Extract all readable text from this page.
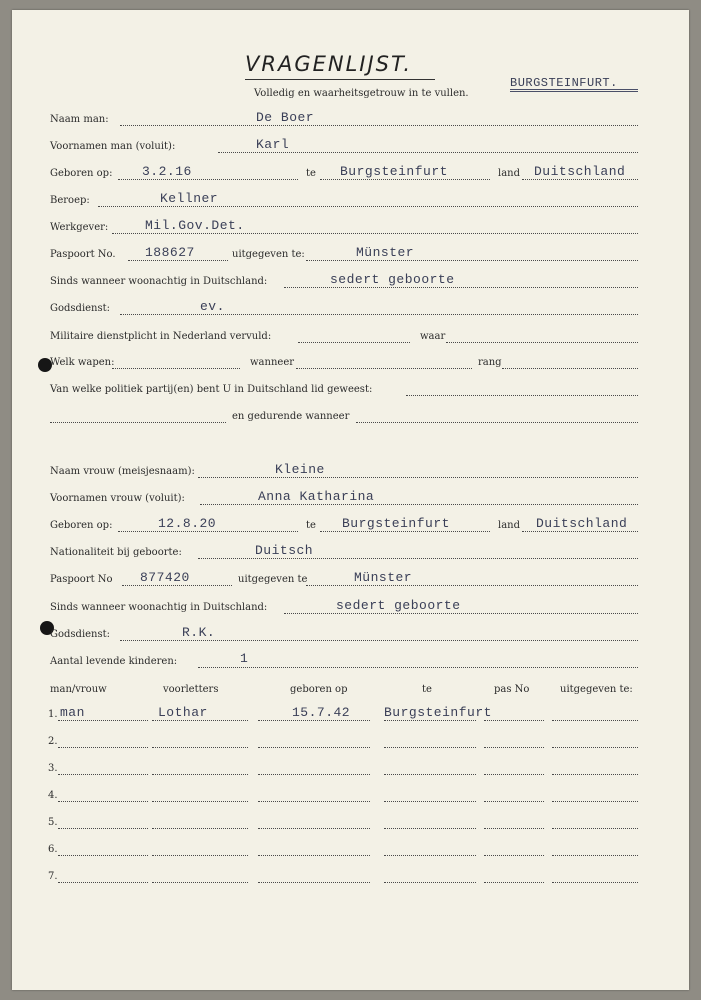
VRAGENLIJST.
Volledig en waarheitsgetrouw in te vullen.
BURGSTEINFURT.
Naam man:	De Boer
Voornamen man (voluit):	Karl
Geboren op: 3.2.16	te Burgsteinfurt	land Duitschland
Beroep:	Kellner
Werkgever:	Mil.Gov.Det.
Paspoort No. 188627	uitgegeven te:	Münster
Sinds wanneer woonachtig in Duitschland:	sedert geboorte
Godsdienst:	ev.
Militaire dienstplicht in Nederland vervuld:	waar
Welk wapen:	wanneer	rang
Van welke politiek partij(en) bent U in Duitschland lid geweest:
en gedurende wanneer
Naam vrouw (meisjesnaam):	Kleine
Voornamen vrouw (voluit):	Anna Katharina
Geboren op:	12.8.20	te Burgsteinfurt	land Duitschland
Nationaliteit bij geboorte:	Duitsch
Paspoort No 877420	uitgegeven te	Münster
Sinds wanneer woonachtig in Duitschland:	sedert geboorte
Godsdienst:	R.K.
Aantal levende kinderen:	1
man/vrouw	voorletters	geboren op	te	pas No	uitgegeven te:
1. man	Lothar	15.7.42	Burgsteinfurt
2.
3.
4.
5.
6.
7.
